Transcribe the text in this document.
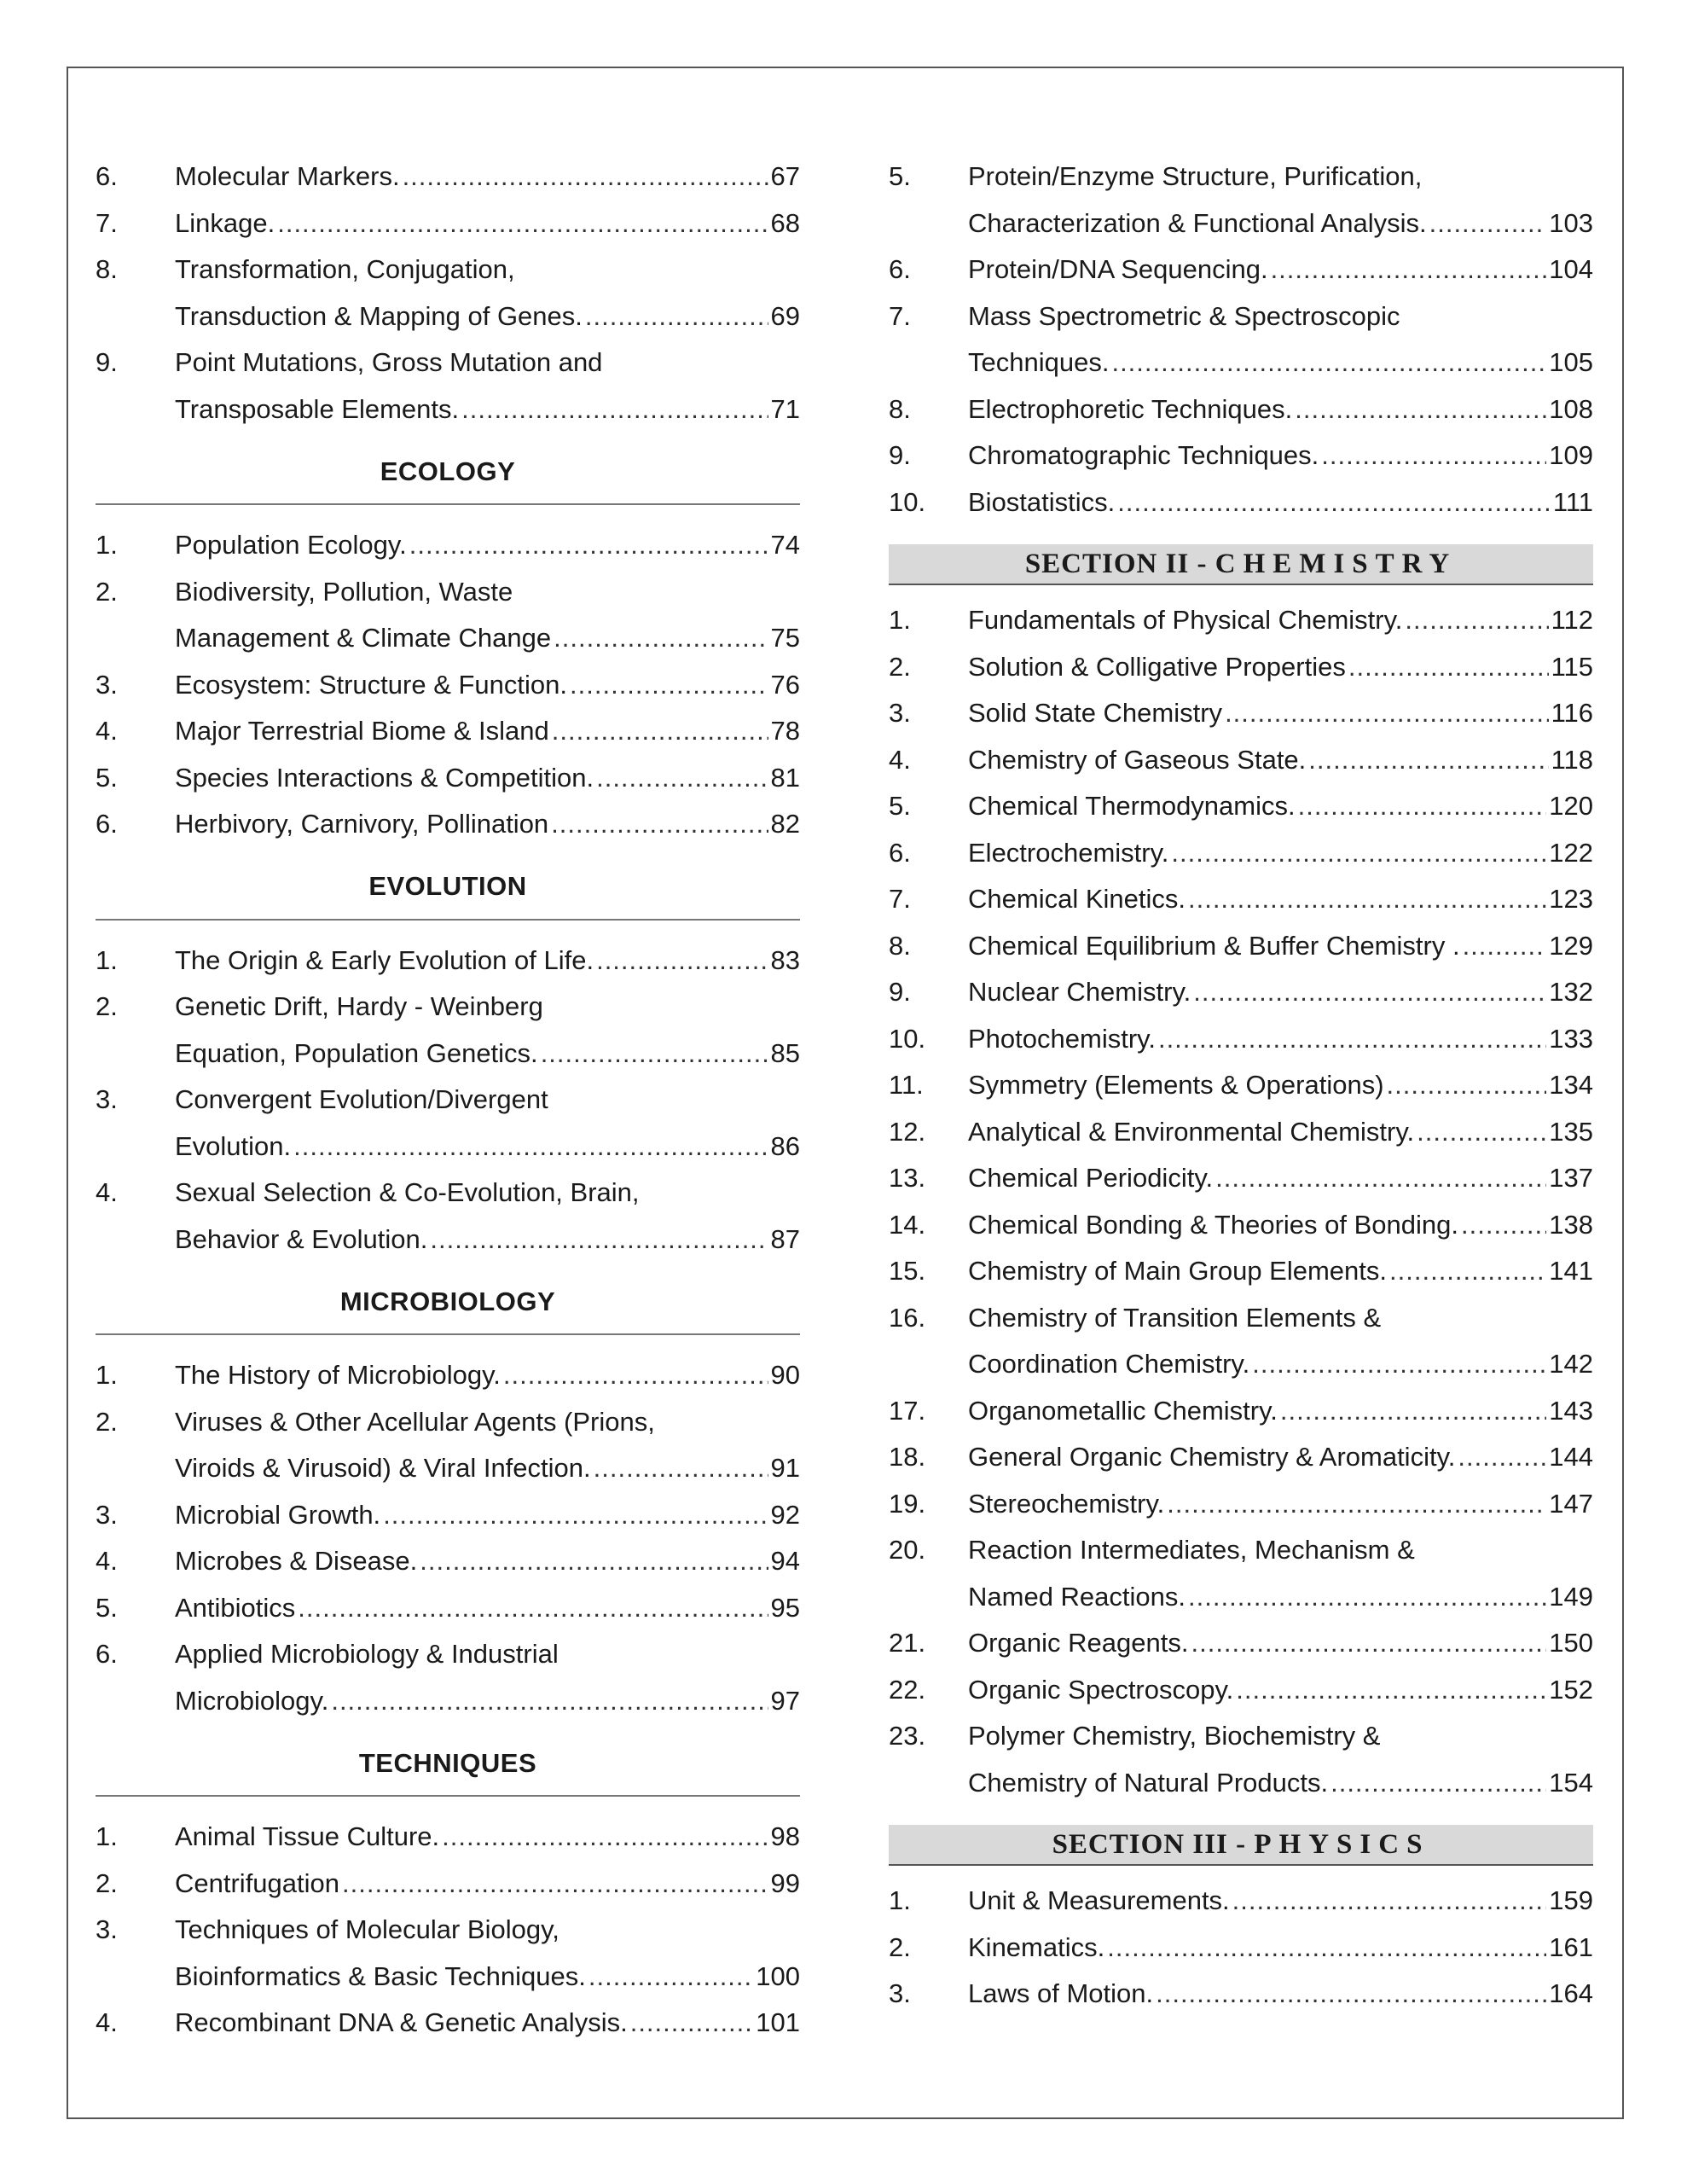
6.	Molecular Markers. .....	67
7.	Linkage. .....	68
8.	Transformation, Conjugation,
Transduction & Mapping of Genes. .....	69
9.	Point Mutations, Gross Mutation and
Transposable Elements. .....	71
ECOLOGY
1.	Population Ecology. .....	74
2.	Biodiversity, Pollution, Waste
Management & Climate Change .....	75
3.	Ecosystem: Structure & Function. .....	76
4.	Major Terrestrial Biome & Island .....	78
5.	Species Interactions & Competition. .....	81
6.	Herbivory, Carnivory, Pollination .....	82
EVOLUTION
1.	The Origin & Early Evolution of Life. .....	83
2.	Genetic Drift, Hardy - Weinberg
Equation, Population Genetics. .....	85
3.	Convergent Evolution/Divergent
Evolution. .....	86
4.	Sexual Selection & Co-Evolution, Brain,
Behavior & Evolution. .....	87
MICROBIOLOGY
1.	The History of Microbiology. .....	90
2.	Viruses & Other Acellular Agents (Prions,
Viroids & Virusoid) & Viral Infection. .....	91
3.	Microbial Growth. .....	92
4.	Microbes & Disease. .....	94
5.	Antibiotics .....	95
6.	Applied Microbiology & Industrial
Microbiology. .....	97
TECHNIQUES
1.	Animal Tissue Culture. .....	98
2.	Centrifugation .....	99
3.	Techniques of Molecular Biology,
Bioinformatics & Basic Techniques. .....	100
4.	Recombinant DNA & Genetic Analysis. .....	101
5.	Protein/Enzyme Structure, Purification,
Characterization & Functional Analysis. .....	103
6.	Protein/DNA Sequencing. .....	104
7.	Mass Spectrometric & Spectroscopic
Techniques. .....	105
8.	Electrophoretic Techniques. .....	108
9.	Chromatographic Techniques. .....	109
10.	Biostatistics. .....	111
SECTION II -
CHEMISTRY
1.	Fundamentals of Physical Chemistry. .....	112
2.	Solution & Colligative Properties .....	115
3.	Solid State Chemistry .....	116
4.	Chemistry of Gaseous State. .....	118
5.	Chemical Thermodynamics. .....	120
6.	Electrochemistry. .....	122
7.	Chemical Kinetics. .....	123
8.	Chemical Equilibrium & Buffer Chemistry . .....	129
9.	Nuclear Chemistry. .....	132
10.	Photochemistry. .....	133
11.	Symmetry (Elements & Operations) .....	134
12.	Analytical & Environmental Chemistry. .....	135
13.	Chemical Periodicity. .....	137
14.	Chemical Bonding & Theories of Bonding. .....	138
15.	Chemistry of Main Group Elements. .....	141
16.	Chemistry of Transition Elements &
Coordination Chemistry. .....	142
17.	Organometallic Chemistry. .....	143
18.	General Organic Chemistry & Aromaticity. .....	144
19.	Stereochemistry. .....	147
20.	Reaction Intermediates, Mechanism &
Named Reactions. .....	149
21.	Organic Reagents. .....	150
22.	Organic Spectroscopy. .....	152
23.	Polymer Chemistry, Biochemistry &
Chemistry of Natural Products. .....	154
SECTION III -
PHYSICS
1.	Unit & Measurements. .....	159
2.	Kinematics. .....	161
3.	Laws of Motion. .....	164
